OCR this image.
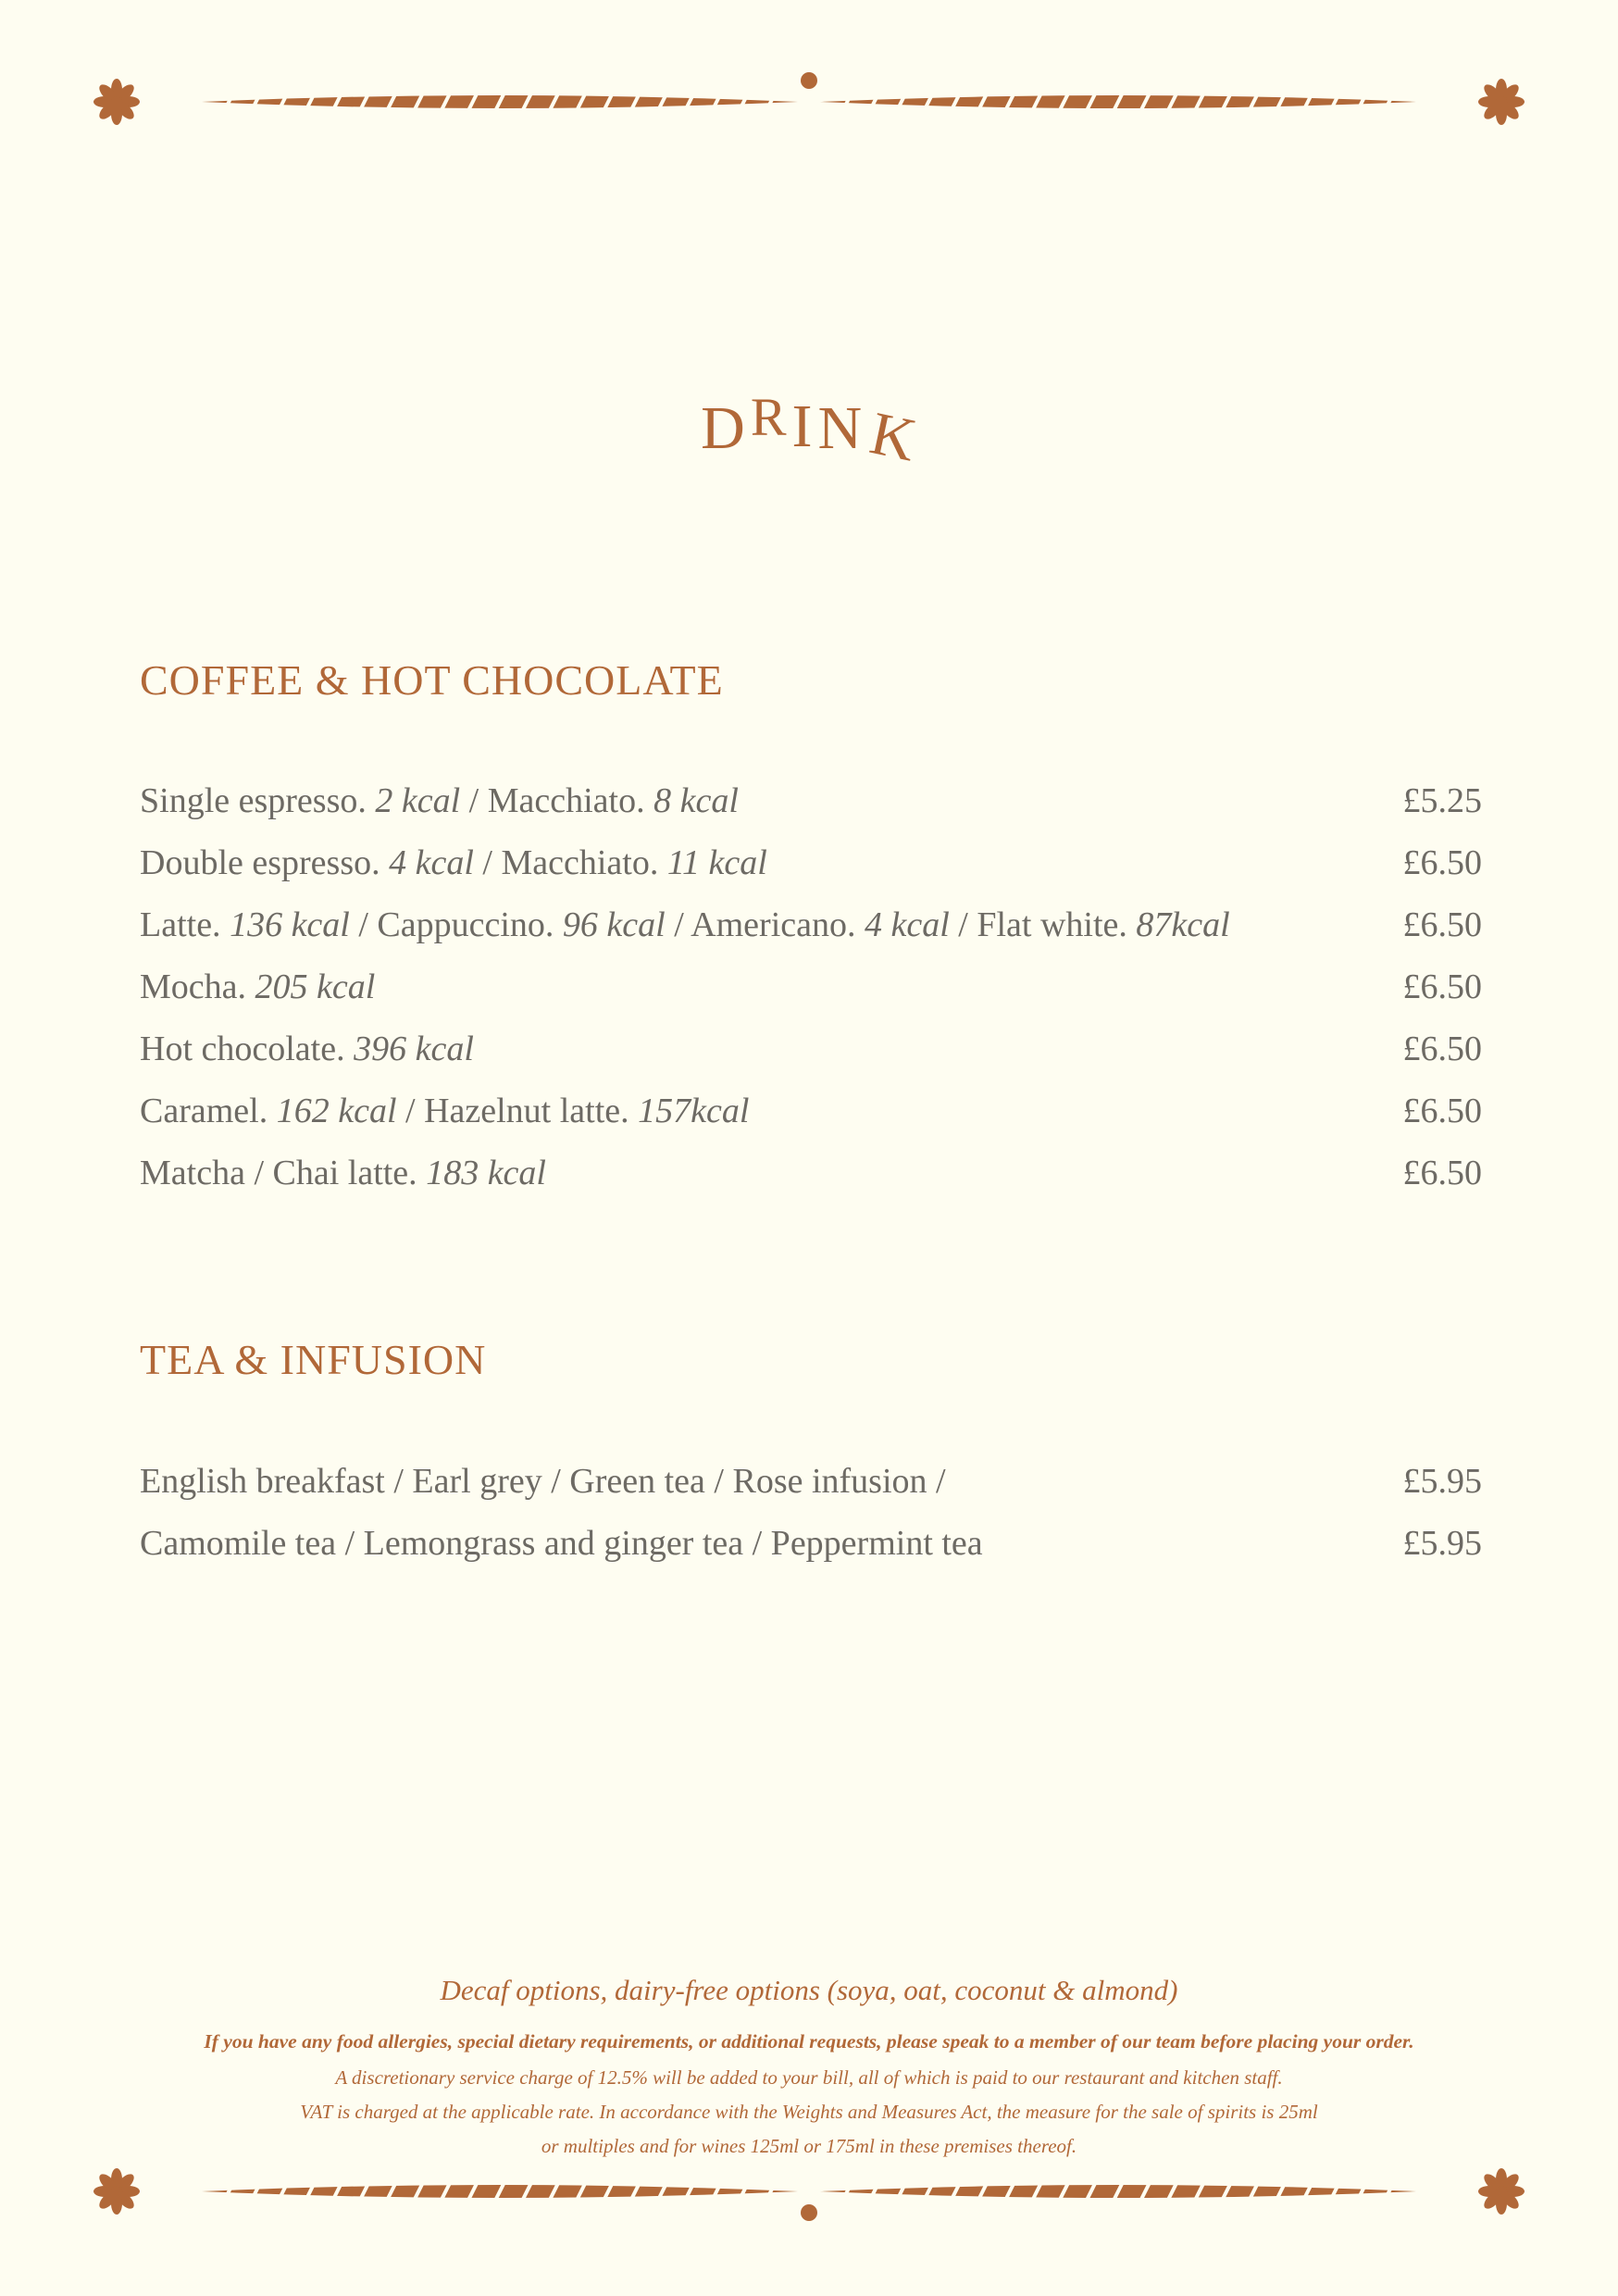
DRINK
COFFEE & HOT CHOCOLATE
Single espresso. 2 kcal / Macchiato. 8 kcal	£5.25
Double espresso. 4 kcal / Macchiato. 11 kcal	£6.50
Latte. 136 kcal / Cappuccino. 96 kcal / Americano. 4 kcal / Flat white. 87kcal	£6.50
Mocha. 205 kcal	£6.50
Hot chocolate. 396 kcal	£6.50
Caramel. 162 kcal / Hazelnut latte. 157kcal	£6.50
Matcha / Chai latte. 183 kcal	£6.50
TEA & INFUSION
English breakfast / Earl grey / Green tea / Rose infusion /	£5.95
Camomile tea / Lemongrass and ginger tea / Peppermint tea	£5.95

Decaf options, dairy-free options (soya, oat, coconut & almond)

If you have any food allergies, special dietary requirements, or additional requests, please speak to a member of our team before placing your order.

A discretionary service charge of 12.5% will be added to your bill, all of which is paid to our restaurant and kitchen staff.

VAT is charged at the applicable rate. In accordance with the Weights and Measures Act, the measure for the sale of spirits is 25ml

or multiples and for wines 125ml or 175ml in these premises thereof.
